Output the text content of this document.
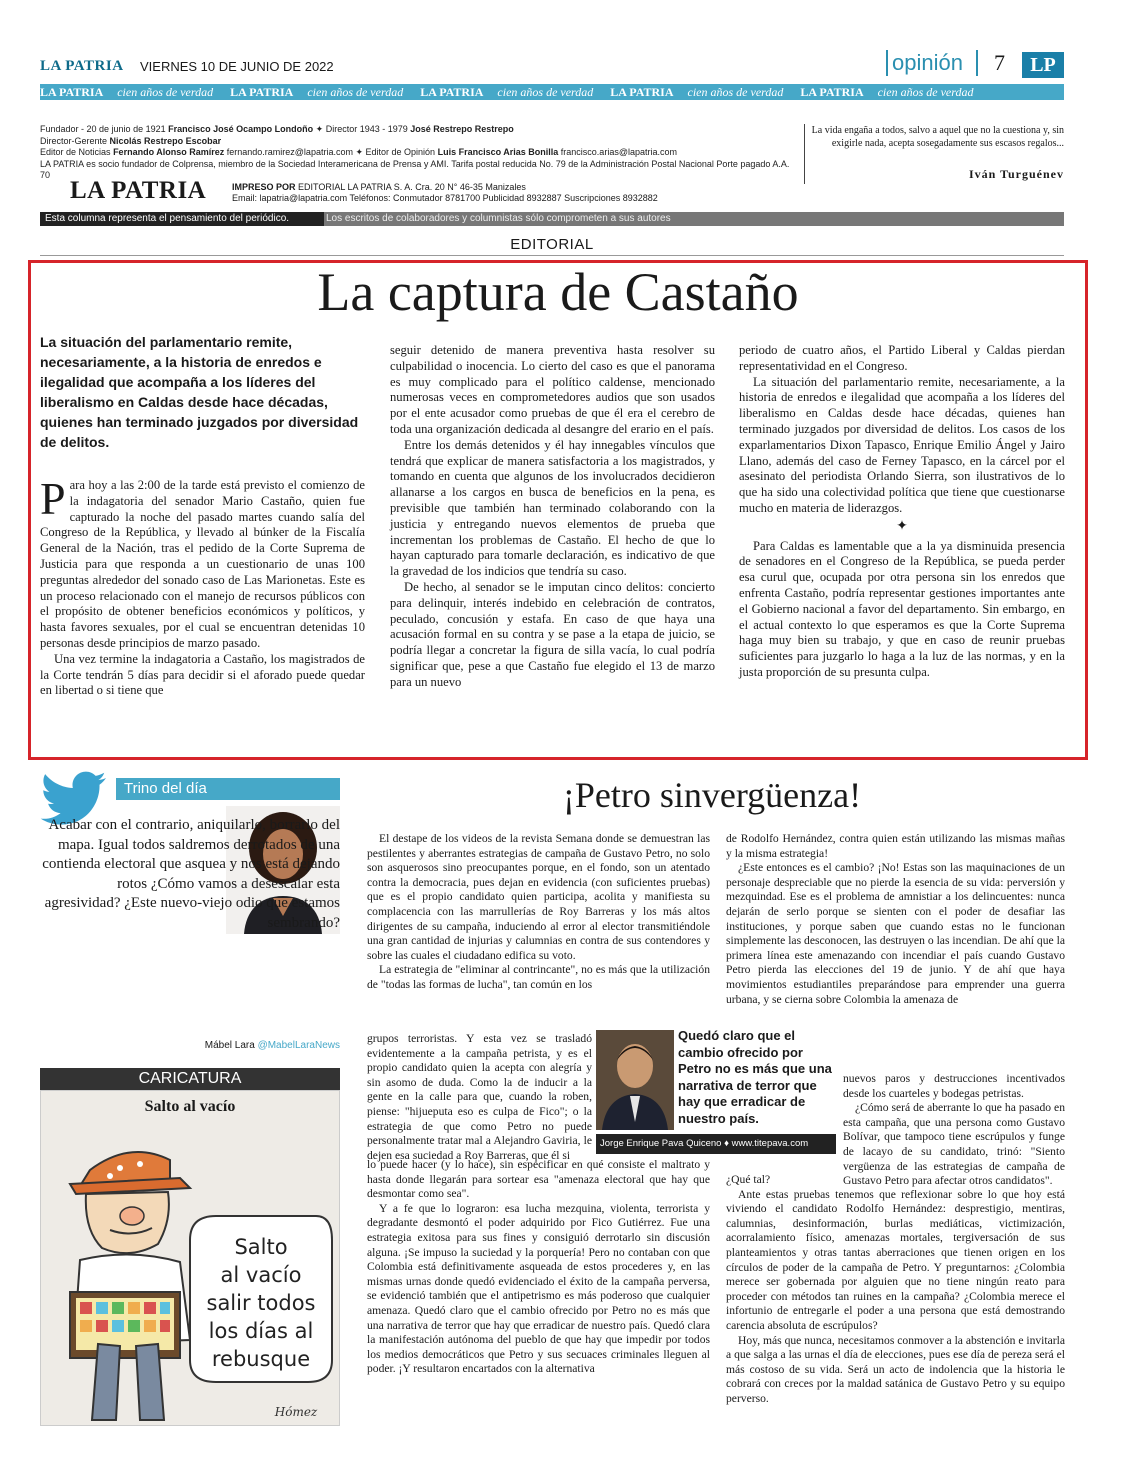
LA PATRIA VIERNES 10 DE JUNIO DE 2022	opinión 7	LP
LA PATRIA cien años de verdad LA PATRIA cien años de verdad LA PATRIA cien años de verdad LA PATRIA cien años de verdad LA PATRIA cien años de verdad
Fundador - 20 de junio de 1921 Francisco José Ocampo Londoño ✦ Director 1943 - 1979 José Restrepo Restrepo
Director-Gerente Nicolás Restrepo Escobar
Editor de Noticias Fernando Alonso Ramírez fernando.ramirez@lapatria.com ✦ Editor de Opinión Luis Francisco Arias Bonilla francisco.arias@lapatria.com
LA PATRIA es socio fundador de Colprensa, miembro de la Sociedad Interamericana de Prensa y AMI. Tarifa postal reducida No. 79 de la Administración Postal Nacional Porte pagado A.A. 70
La vida engaña a todos, salvo a aquel que no la cuestiona y, sin exigirle nada, acepta sosegadamente sus escasos regalos...
Iván Turguénev
LA PATRIA	IMPRESO POR EDITORIAL LA PATRIA S. A. Cra. 20 N° 46-35 Manizales
Email: lapatria@lapatria.com Teléfonos: Conmutador 8781700 Publicidad 8932887 Suscripciones 8932882
Esta columna representa el pensamiento del periódico.	Los escritos de colaboradores y columnistas sólo comprometen a sus autores
EDITORIAL
La captura de Castaño
La situación del parlamentario remite, necesariamente, a la historia de enredos e ilegalidad que acompaña a los líderes del liberalismo en Caldas desde hace décadas, quienes han terminado juzgados por diversidad de delitos.

Para hoy a las 2:00 de la tarde está previsto el comienzo de la indagatoria del senador Mario Castaño, quien fue capturado la noche del pasado martes cuando salía del Congreso de la República, y llevado al búnker de la Fiscalía General de la Nación, tras el pedido de la Corte Suprema de Justicia para que responda a un cuestionario de unas 100 preguntas alrededor del sonado caso de Las Marionetas. Este es un proceso relacionado con el manejo de recursos públicos con el propósito de obtener beneficios económicos y políticos, y hasta favores sexuales, por el cual se encuentran detenidas 10 personas desde principios de marzo pasado.

Una vez termine la indagatoria a Castaño, los magistrados de la Corte tendrán 5 días para decidir si el aforado puede quedar en libertad o si tiene que

seguir detenido de manera preventiva hasta resolver su culpabilidad o inocencia. Lo cierto del caso es que el panorama es muy complicado para el político caldense, mencionado numerosas veces en comprometedores audios que son usados por el ente acusador como pruebas de que él era el cerebro de toda una organización dedicada al desangre del erario en el país.

Entre los demás detenidos y él hay innegables vínculos que tendrá que explicar de manera satisfactoria a los magistrados, y tomando en cuenta que algunos de los involucrados decidieron allanarse a los cargos en busca de beneficios en la pena, es previsible que también han terminado colaborando con la justicia y entregando nuevos elementos de prueba que incrementan los problemas de Castaño. El hecho de que lo hayan capturado para tomarle declaración, es indicativo de que la gravedad de los indicios que tendría su caso.

De hecho, al senador se le imputan cinco delitos: concierto para delinquir, interés indebido en celebración de contratos, peculado, concusión y estafa. En caso de que haya una acusación formal en su contra y se pase a la etapa de juicio, se podría llegar a concretar la figura de silla vacía, lo cual podría significar que, pese a que Castaño fue elegido el 13 de marzo para un nuevo

periodo de cuatro años, el Partido Liberal y Caldas pierdan representatividad en el Congreso.

La situación del parlamentario remite, necesariamente, a la historia de enredos e ilegalidad que acompaña a los líderes del liberalismo en Caldas desde hace décadas, quienes han terminado juzgados por diversidad de delitos. Los casos de los exparlamentarios Dixon Tapasco, Enrique Emilio Ángel y Jairo Llano, además del caso de Ferney Tapasco, en la cárcel por el asesinato del periodista Orlando Sierra, son ilustrativos de lo que ha sido una colectividad política que tiene que cuestionarse mucho en materia de liderazgos.

✦

Para Caldas es lamentable que a la ya disminuida presencia de senadores en el Congreso de la República, se pueda perder esa curul que, ocupada por otra persona sin los enredos que enfrenta Castaño, podría representar gestiones importantes ante el Gobierno nacional a favor del departamento. Sin embargo, en el actual contexto lo que esperamos es que la Corte Suprema haga muy bien su trabajo, y que en caso de reunir pruebas suficientes para juzgarlo lo haga a la luz de las normas, y en la justa proporción de su presunta culpa.

Trino del día
Acabar con el contrario, aniquilarlo, borrarlo del mapa. Igual todos saldremos derrotados de una contienda electoral que asquea y nos está dejando rotos ¿Cómo vamos a desescalar esta agresividad? ¿Este nuevo-viejo odio que estamos sembrando?
Mábel Lara @MabelLaraNews
CARICATURA
Salto al vacío
Salto
al vacío
salir todos
los días al
rebusque
Hómez
¡Petro sinvergüenza!

El destape de los videos de la revista Semana donde se demuestran las pestilentes y aberrantes estrategias de campaña de Gustavo Petro, no solo son asquerosos sino preocupantes porque, en el fondo, son un atentado contra la democracia, pues dejan en evidencia (con suficientes pruebas) que es el propio candidato quien participa, acolita y manifiesta su complacencia con las marrullerías de Roy Barreras y los más altos dirigentes de su campaña, induciendo al error al elector transmitiéndole una gran cantidad de injurias y calumnias en contra de sus contendores y sobre las cuales el ciudadano edifica su voto.

La estrategia de "eliminar al contrincante", no es más que la utilización de "todas las formas de lucha", tan común en los

grupos terroristas. Y esta vez se trasladó evidentemente a la campaña petrista, y es el propio candidato quien la acepta con alegría y sin asomo de duda. Como la de inducir a la gente en la calle para que, cuando la roben, piense: "hijueputa eso es culpa de Fico"; o la estrategia de que como Petro no puede personalmente tratar mal a Alejandro Gaviria, le dejen esa suciedad a Roy Barreras, que él si

lo puede hacer (y lo hace), sin especificar en qué consiste el maltrato y hasta donde llegarán para sortear esa "amenaza electoral que hay que desmontar como sea".

Y a fe que lo lograron: esa lucha mezquina, violenta, terrorista y degradante desmontó el poder adquirido por Fico Gutiérrez. Fue una estrategia exitosa para sus fines y consiguió derrotarlo sin discusión alguna. ¡Se impuso la suciedad y la porquería! Pero no contaban con que Colombia está definitivamente asqueada de estos procederes y, en las mismas urnas donde quedó evidenciado el éxito de la campaña perversa, se evidenció también que el antipetrismo es más poderoso que cualquier amenaza. Quedó claro que el cambio ofrecido por Petro no es más que una narrativa de terror que hay que erradicar de nuestro país. Quedó clara la manifestación autónoma del pueblo de que hay que impedir por todos los medios democráticos que Petro y sus secuaces criminales lleguen al poder. ¡Y resultaron encartados con la alternativa

Quedó claro que el cambio ofrecido por Petro no es más que una narrativa de terror que hay que erradicar de nuestro país.
Jorge Enrique Pava Quiceno ♦ www.titepava.com

de Rodolfo Hernández, contra quien están utilizando las mismas mañas y la misma estrategia!

¿Este entonces es el cambio? ¡No! Estas son las maquinaciones de un personaje despreciable que no pierde la esencia de su vida: perversión y mezquindad. Ese es el problema de amnistiar a los delincuentes: nunca dejarán de serlo porque se sienten con el poder de desafiar las instituciones, y porque saben que cuando estas no le funcionan simplemente las desconocen, las destruyen o las incendian. De ahí que la primera línea este amenazando con incendiar el país cuando Gustavo Petro pierda las elecciones del 19 de junio. Y de ahí que haya movimientos estudiantiles preparándose para emprender una guerra urbana, y se cierna sobre Colombia la amenaza de

nuevos paros y destrucciones incentivados desde los cuarteles y bodegas petristas.

¿Cómo será de aberrante lo que ha pasado en esta campaña, que una persona como Gustavo Bolívar, que tampoco tiene escrúpulos y funge de lacayo de su candidato, trinó: "Siento vergüenza de las estrategias de campaña de Gustavo Petro para afectar otros candidatos".

¿Qué tal?

Ante estas pruebas tenemos que reflexionar sobre lo que hoy está viviendo el candidato Rodolfo Hernández: desprestigio, mentiras, calumnias, desinformación, burlas mediáticas, victimización, acorralamiento físico, amenazas mortales, tergiversación de sus planteamientos y otras tantas aberraciones que tienen origen en los círculos de poder de la campaña de Petro. Y preguntarnos: ¿Colombia merece ser gobernada por alguien que no tiene ningún reato para proceder con métodos tan ruines en la campaña? ¿Colombia merece el infortunio de entregarle el poder a una persona que está demostrando carencia absoluta de escrúpulos?

Hoy, más que nunca, necesitamos conmover a la abstención e invitarla a que salga a las urnas el día de elecciones, pues ese día de pereza será el más costoso de su vida. Será un acto de indolencia que la historia le cobrará con creces por la maldad satánica de Gustavo Petro y su equipo perverso.
